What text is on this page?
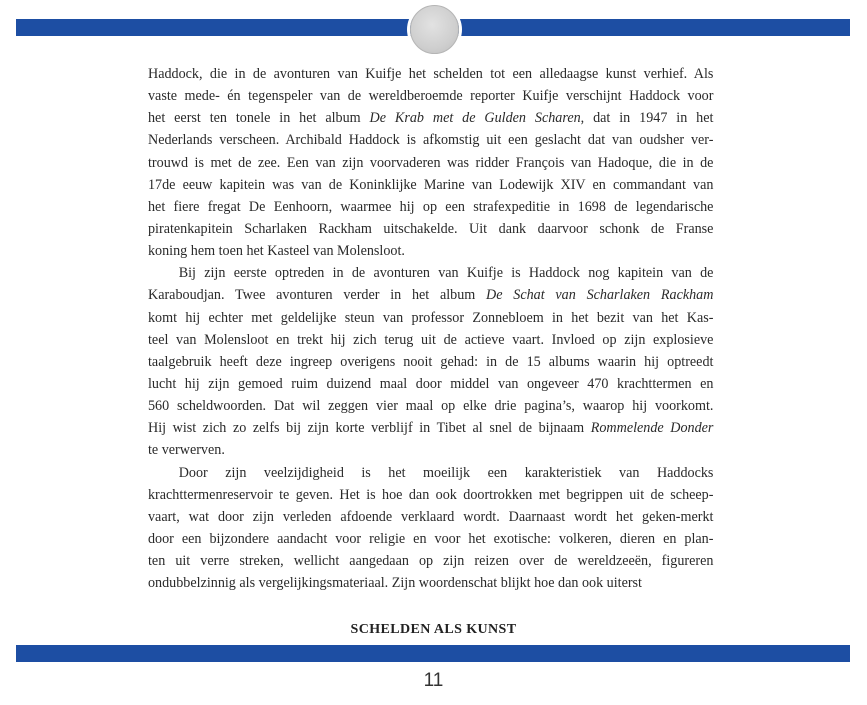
Haddock, die in de avonturen van Kuifje het schelden tot een alledaagse kunst verhief. Als
vaste mede- én tegenspeler van de wereldberoemde reporter Kuifje verschijnt Haddock voor
het eerst ten tonele in het album De Krab met de Gulden Scharen, dat in 1947 in het
Nederlands verscheen. Archibald Haddock is afkomstig uit een geslacht dat van oudsher ver-
trouwd is met de zee. Een van zijn voorvaderen was ridder François van Hadoque, die in de
17de eeuw kapitein was van de Koninklijke Marine van Lodewijk XIV en commandant van
het fiere fregat De Eenhoorn, waarmee hij op een strafexpeditie in 1698 de legendarische
piratenkapitein Scharlaken Rackham uitschakelde. Uit dank daarvoor schonk de Franse
koning hem toen het Kasteel van Molensloot.
Bij zijn eerste optreden in de avonturen van Kuifje is Haddock nog kapitein van de
Karaboudjan. Twee avonturen verder in het album De Schat van Scharlaken Rackham
komt hij echter met geldelijke steun van professor Zonnebloem in het bezit van het Kas-
teel van Molensloot en trekt hij zich terug uit de actieve vaart. Invloed op zijn explosieve
taalgebruik heeft deze ingreep overigens nooit gehad: in de 15 albums waarin hij optreedt
lucht hij zijn gemoed ruim duizend maal door middel van ongeveer 470 krachttermen en
560 scheldwoorden. Dat wil zeggen vier maal op elke drie pagina’s, waarop hij voorkomt.
Hij wist zich zo zelfs bij zijn korte verblijf in Tibet al snel de bijnaam Rommelende Donder
te verwerven.
Door zijn veelzijdigheid is het moeilijk een karakteristiek van Haddocks
krachttermenreservoir te geven. Het is hoe dan ook doortrokken met begrippen uit de scheep-
vaart, wat door zijn verleden afdoende verklaard wordt. Daarnaast wordt het geken-merkt
door een bijzondere aandacht voor religie en voor het exotische: volkeren, dieren en plan-
ten uit verre streken, wellicht aangedaan op zijn reizen over de wereldzeeën, figureren
ondubbelzinnig als vergelijkingsmateriaal. Zijn woordenschat blijkt hoe dan ook uiterst
SCHELDEN ALS KUNST
11
